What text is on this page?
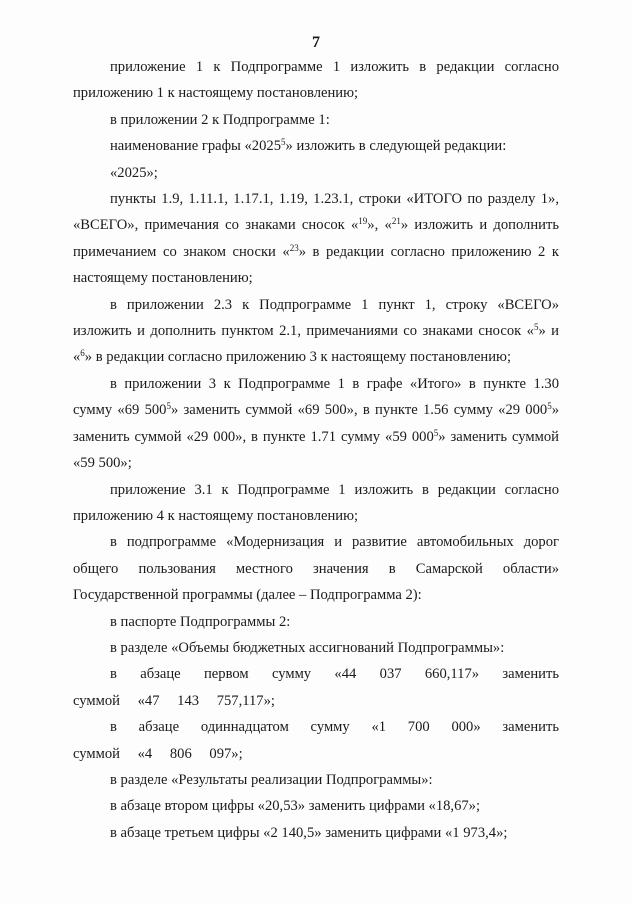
7

приложение 1 к Подпрограмме 1 изложить в редакции согласно приложению 1 к настоящему постановлению;

в приложении 2 к Подпрограмме 1:

наименование графы «2025$^5$» изложить в следующей редакции:

«2025»;

пункты 1.9, 1.11.1, 1.17.1, 1.19, 1.23.1, строки «ИТОГО по разделу 1», «ВСЕГО», примечания со знаками сносок «$^{19}$», «$^{21}$» изложить и дополнить примечанием со знаком сноски «$^{23}$» в редакции согласно приложению 2 к настоящему постановлению;

в приложении 2.3 к Подпрограмме 1 пункт 1, строку «ВСЕГО» изложить и дополнить пунктом 2.1, примечаниями со знаками сносок «$^5$» и «$^6$» в редакции согласно приложению 3 к настоящему постановлению;

в приложении 3 к Подпрограмме 1 в графе «Итого» в пункте 1.30 сумму «69 $500^5$» заменить суммой «69 500», в пункте 1.56 сумму «29 $000^5$» заменить суммой «29 000», в пункте 1.71 сумму «59 $000^5$» заменить суммой «59 500»;

приложение 3.1 к Подпрограмме 1 изложить в редакции согласно приложению 4 к настоящему постановлению;

в подпрограмме «Модернизация и развитие автомобильных дорог общего пользования местного значения в Самарской области» Государственной программы (далее – Подпрограмма 2):

в паспорте Подпрограммы 2:

в разделе «Объемы бюджетных ассигнований Подпрограммы»:

в абзаце первом сумму «44 037 660,117» заменить суммой «47 143 757,117»;

в абзаце одиннадцатом сумму «1 700 000» заменить суммой «4 806 097»;

в разделе «Результаты реализации Подпрограммы»:

в абзаце втором цифры «20,53» заменить цифрами «18,67»;

в абзаце третьем цифры «2 140,5» заменить цифрами «1 973,4»;
